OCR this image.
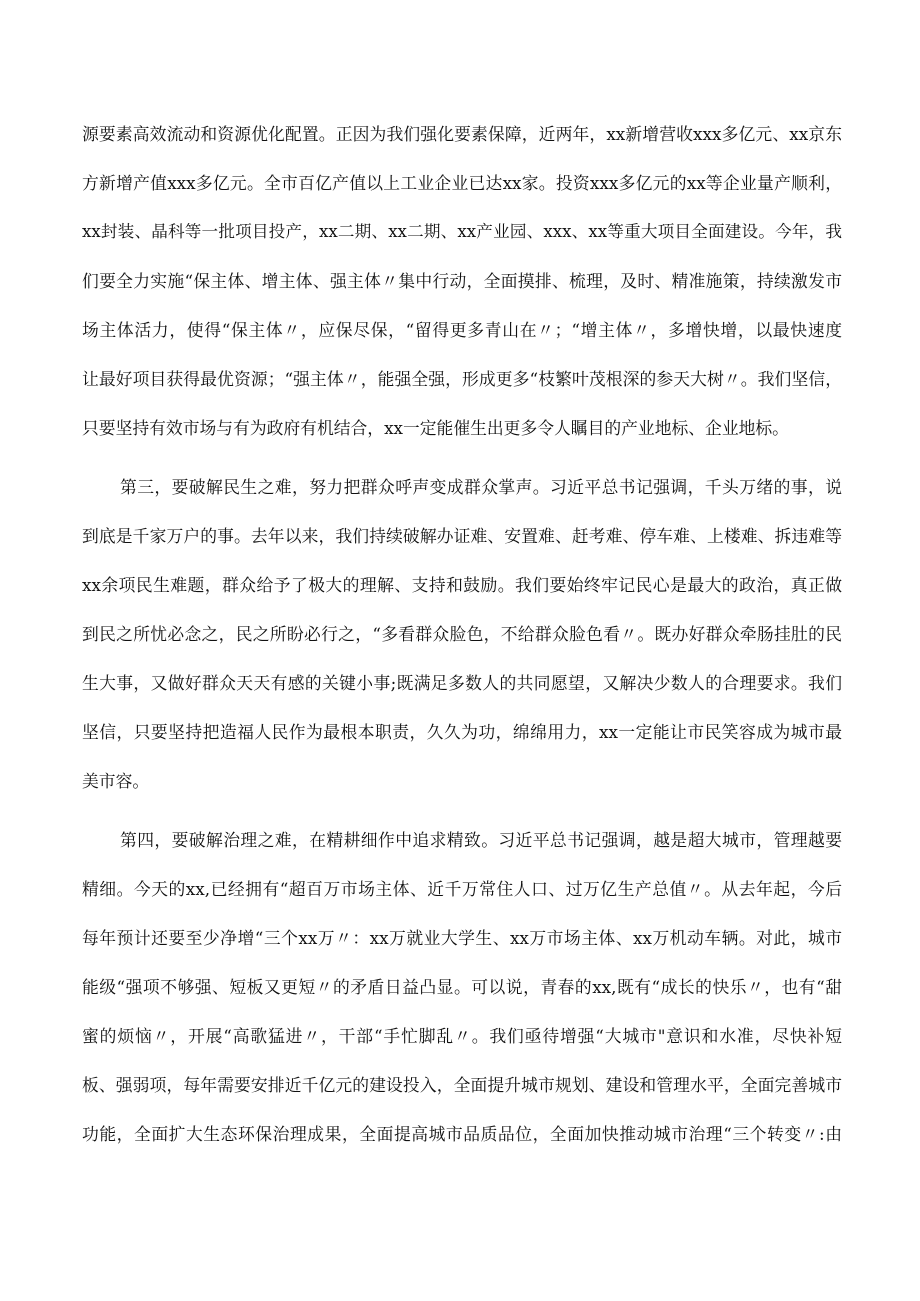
源要素高效流动和资源优化配置。正因为我们强化要素保障，近两年，xx新增营收xxx多亿元、xx京东
方新增产值xxx多亿元。全市百亿产值以上工业企业已达xx家。投资xxx多亿元的xx等企业量产顺利，
xx封装、晶科等一批项目投产，xx二期、xx二期、xx产业园、xxx、xx等重大项目全面建设。今年，我
们要全力实施“保主体、增主体、强主体〃集中行动，全面摸排、梳理，及时、精准施策，持续激发市
场主体活力，使得“保主体〃，应保尽保，“留得更多青山在〃；“增主体〃，多增快增，以最快速度
让最好项目获得最优资源；“强主体〃，能强全强，形成更多“枝繁叶茂根深的参天大树〃。我们坚信，
只要坚持有效市场与有为政府有机结合，xx一定能催生出更多令人瞩目的产业地标、企业地标。
第三，要破解民生之难，努力把群众呼声变成群众掌声。习近平总书记强调，千头万绪的事，说
到底是千家万户的事。去年以来，我们持续破解办证难、安置难、赶考难、停车难、上楼难、拆违难等
xx余项民生难题，群众给予了极大的理解、支持和鼓励。我们要始终牢记民心是最大的政治，真正做
到民之所忧必念之，民之所盼必行之，“多看群众脸色，不给群众脸色看〃。既办好群众牵肠挂肚的民
生大事，又做好群众天天有感的关键小事;既满足多数人的共同愿望，又解决少数人的合理要求。我们
坚信，只要坚持把造福人民作为最根本职责，久久为功，绵绵用力，xx一定能让市民笑容成为城市最
美市容。
第四，要破解治理之难，在精耕细作中追求精致。习近平总书记强调，越是超大城市，管理越要
精细。今天的xx,已经拥有“超百万市场主体、近千万常住人口、过万亿生产总值〃。从去年起，今后
每年预计还要至少净增“三个xx万〃：xx万就业大学生、xx万市场主体、xx万机动车辆。对此，城市
能级“强项不够强、短板又更短〃的矛盾日益凸显。可以说，青春的xx,既有“成长的快乐〃，也有“甜
蜜的烦恼〃，开展“高歌猛进〃，干部“手忙脚乱〃。我们亟待增强“大城市"意识和水准，尽快补短
板、强弱项，每年需要安排近千亿元的建设投入，全面提升城市规划、建设和管理水平，全面完善城市
功能，全面扩大生态环保治理成果，全面提高城市品质品位，全面加快推动城市治理“三个转变〃:由
